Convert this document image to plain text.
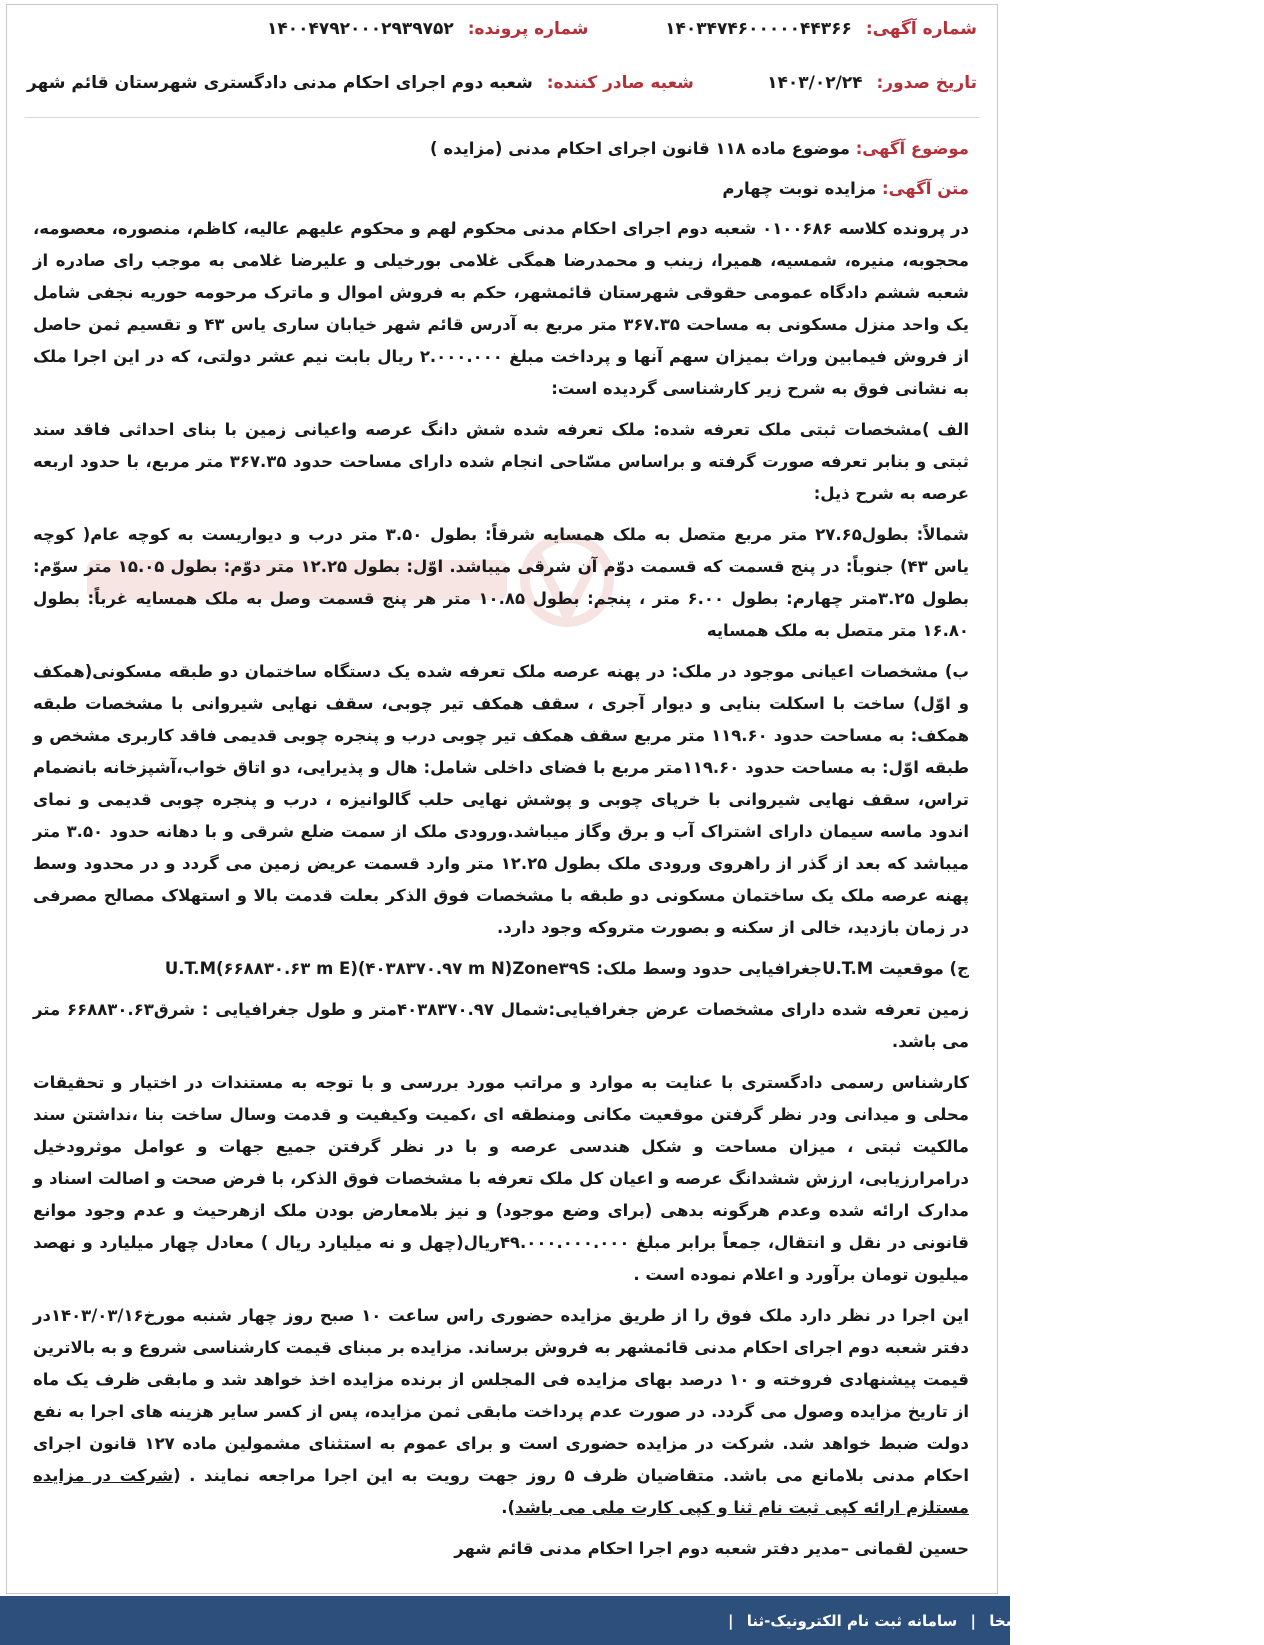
شماره آگهی: ۱۴۰۳۴۷۴۶۰۰۰۰۰۴۴۳۶۶
شماره پرونده: ۱۴۰۰۴۷۹۲۰۰۰۲۹۳۹۷۵۲
تاریخ صدور: ۱۴۰۳/۰۲/۲۴
شعبه صادر کننده: شعبه دوم اجرای احکام مدنی دادگستری شهرستان قائم شهر

موضوع آگهی: موضوع ماده ۱۱۸ قانون اجرای احکام مدنی (مزایده )

متن آگهی: مزایده نوبت چهارم

در پرونده کلاسه ۰۱۰۰۶۸۶ شعبه دوم اجرای احکام مدنی محکوم لهم و محکوم علیهم عالیه، کاظم، منصوره، معصومه، محجوبه، منیره، شمسیه، همیرا، زینب و محمدرضا همگی غلامی بورخیلی و علیرضا غلامی به موجب رای صادره از شعبه ششم دادگاه عمومی حقوقی شهرستان قائمشهر، حکم به فروش اموال و ماترک مرحومه حوریه نجفی شامل یک واحد منزل مسکونی به مساحت ۳۶۷.۳۵ متر مربع به آدرس قائم شهر خیابان ساری یاس ۴۳ و تقسیم ثمن حاصل از فروش فیمابین وراث بمیزان سهم آنها و پرداخت مبلغ ۲.۰۰۰.۰۰۰ ریال بابت نیم عشر دولتی، که در این اجرا ملک به نشانی فوق به شرح زیر کارشناسی گردیده است:

الف )مشخصات ثبتی ملک تعرفه شده: ملک تعرفه شده شش دانگ عرصه واعیانی زمین با بنای احداثی فاقد سند ثبتی و بنابر تعرفه صورت گرفته و براساس مسّاحی انجام شده دارای مساحت حدود ۳۶۷.۳۵ متر مربع، با حدود اربعه عرصه به شرح ذیل:

شمالاً: بطول۲۷.۶۵ متر مربع متصل به ملک همسایه شرقاً: بطول ۳.۵۰ متر درب و دیواریست به کوچه عام( کوچه یاس ۴۳) جنوباً: در پنج قسمت که قسمت دوّم آن شرقی میباشد. اوّل: بطول ۱۲.۲۵ متر دوّم: بطول ۱۵.۰۵ متر سوّم: بطول ۳.۲۵متر چهارم: بطول ۶.۰۰ متر ، پنجم: بطول ۱۰.۸۵ متر هر پنج قسمت وصل به ملک همسایه غرباً: بطول ۱۶.۸۰ متر متصل به ملک همسایه

ب) مشخصات اعیانی موجود در ملک: در پهنه عرصه ملک تعرفه شده یک دستگاه ساختمان دو طبقه مسکونی(همکف و اوّل) ساخت با اسکلت بنایی و دیوار آجری ، سقف همکف تیر چوبی، سقف نهایی شیروانی با مشخصات طبقه همکف: به مساحت حدود ۱۱۹.۶۰ متر مربع سقف همکف تیر چوبی درب و پنجره چوبی قدیمی فاقد کاربری مشخص و طبقه اوّل: به مساحت حدود ۱۱۹.۶۰متر مربع با فضای داخلی شامل: هال و پذیرایی، دو اتاق خواب،آشپزخانه بانضمام تراس، سقف نهایی شیروانی با خرپای چوبی و پوشش نهایی حلب گالوانیزه ، درب و پنجره چوبی قدیمی و نمای اندود ماسه سیمان دارای اشتراک آب و برق وگاز میباشد.ورودی ملک از سمت ضلع شرقی و با دهانه حدود ۳.۵۰ متر میباشد که بعد از گذر از راهروی ورودی ملک بطول ۱۲.۲۵ متر وارد قسمت عریض زمین می گردد و در محدود وسط پهنه عرصه ملک یک ساختمان مسکونی دو طبقه با مشخصات فوق الذکر بعلت قدمت بالا و استهلاک مصالح مصرفی در زمان بازدید، خالی از سکنه و بصورت متروکه وجود دارد.

ج) موقعیت U.T.Mجغرافیایی حدود وسط ملک: U.T.M(۶۶۸۸۳۰.۶۳ m E)(۴۰۳۸۳۷۰.۹۷ m N)Zone۳۹S

زمین تعرفه شده دارای مشخصات عرض جغرافیایی:شمال ۴۰۳۸۳۷۰.۹۷متر و طول جغرافیایی : شرق۶۶۸۸۳۰.۶۳ متر می باشد.

کارشناس رسمی دادگستری با عنایت به موارد و مراتب مورد بررسی و با توجه به مستندات در اختیار و تحقیقات محلی و میدانی ودر نظر گرفتن موقعیت مکانی ومنطقه ای ،کمیت وکیفیت و قدمت وسال ساخت بنا ،نداشتن سند مالکیت ثبتی ، میزان مساحت و شکل هندسی عرصه و با در نظر گرفتن جمیع جهات و عوامل موثرودخیل درامرارزیابی، ارزش ششدانگ عرصه و اعیان کل ملک تعرفه با مشخصات فوق الذکر، با فرض صحت و اصالت اسناد و مدارک ارائه شده وعدم هرگونه بدهی (برای وضع موجود) و نیز بلامعارض بودن ملک ازهرحیث و عدم وجود موانع قانونی در نقل و انتقال، جمعاً برابر مبلغ ۴۹.۰۰۰.۰۰۰.۰۰۰ریال(چهل و نه میلیارد ریال ) معادل چهار میلیارد و نهصد میلیون تومان برآورد و اعلام نموده است .

این اجرا در نظر دارد ملک فوق را از طریق مزایده حضوری راس ساعت ۱۰ صبح روز چهار شنبه مورخ۱۴۰۳/۰۳/۱۶در دفتر شعبه دوم اجرای احکام مدنی قائمشهر به فروش برساند. مزایده بر مبنای قیمت کارشناسی شروع و به بالاترین قیمت پیشنهادی فروخته و ۱۰ درصد بهای مزایده فی المجلس از برنده مزایده اخذ خواهد شد و مابقی ظرف یک ماه از تاریخ مزایده وصول می گردد. در صورت عدم پرداخت مابقی ثمن مزایده، پس از کسر سایر هزینه های اجرا به نفع دولت ضبط خواهد شد. شرکت در مزایده حضوری است و برای عموم به استثنای مشمولین ماده ۱۲۷ قانون اجرای احکام مدنی بلامانع می باشد. متقاضیان ظرف ۵ روز جهت رویت به این اجرا مراجعه نمایند . (شرکت در مزایده مستلزم ارائه کپی ثبت نام ثنا و کپی کارت ملی می باشد).

حسین لقمانی –مدیر دفتر شعبه دوم اجرا احکام مدنی قائم شهر

سامانه خدمات الکترونیک قضایی-سخا | سامانه ثبت نام الکترونیک-ثنا |
